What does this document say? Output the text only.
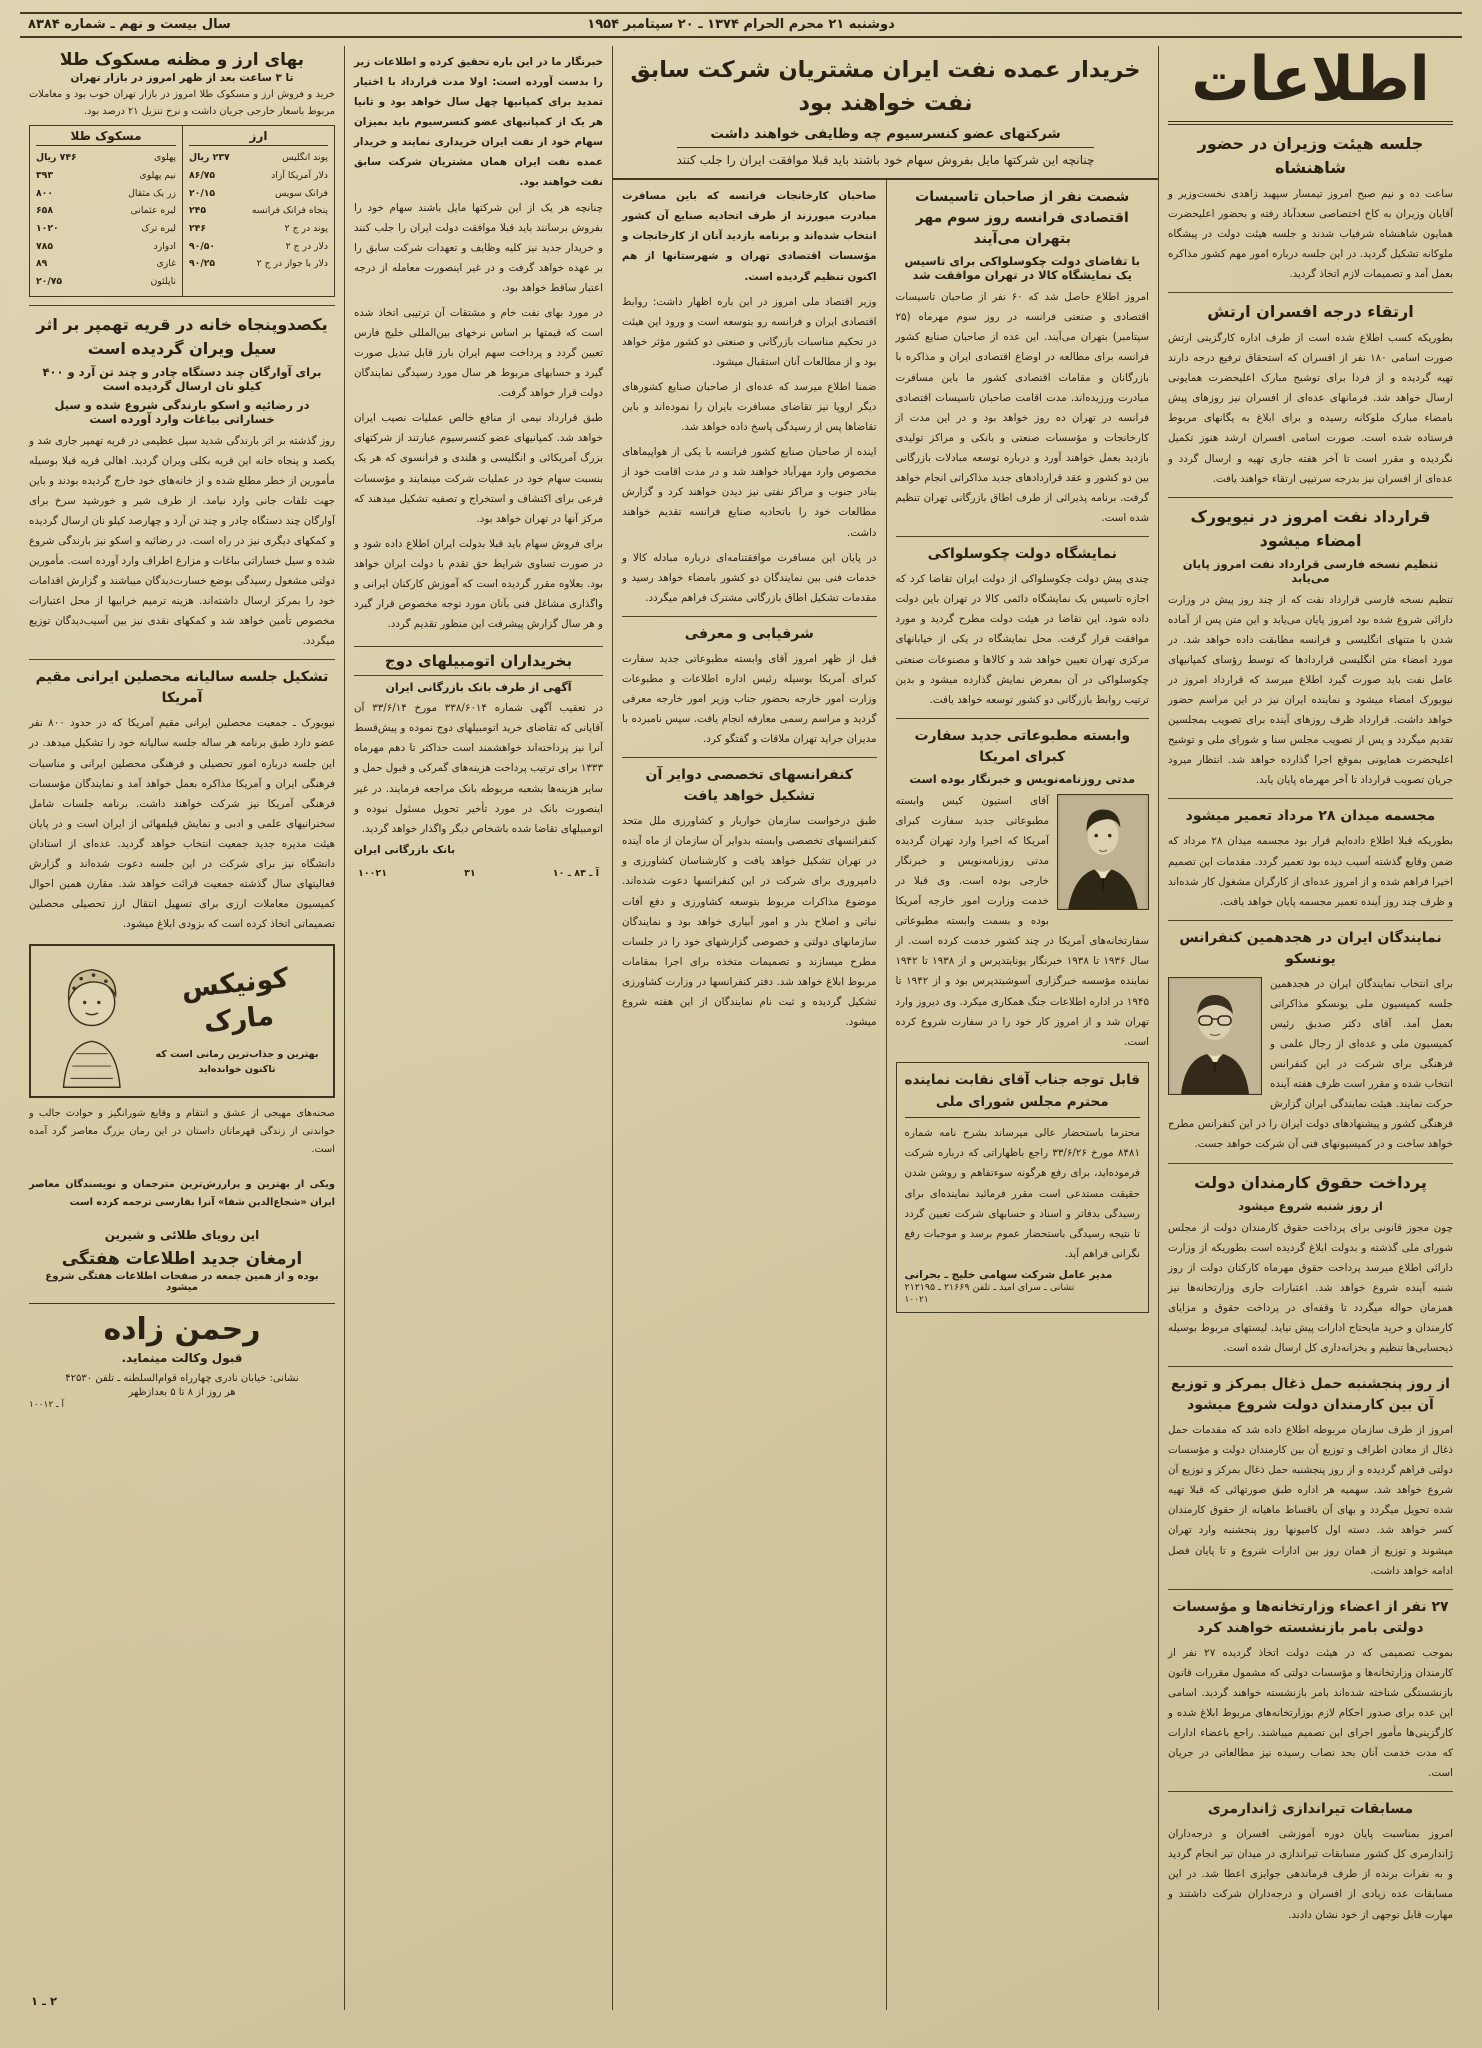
دوشنبه ۲۱ محرم الحرام ۱۳۷۴ ـ ۲۰ سپتامبر ۱۹۵۴
سال بیست و نهم ـ شماره ۸۳۸۴
اطلاعات
جلسه هیئت وزیران در حضور شاهنشاه

ساعت ده و نیم صبح امروز تیمسار سپهبد زاهدی نخست‌وزیر و آقایان وزیران به کاخ اختصاصی سعدآباد رفته و بحضور اعلیحضرت همایون شاهنشاه شرفیاب شدند و جلسه هیئت دولت در پیشگاه ملوکانه تشکیل گردید. در این جلسه درباره امور مهم کشور مذاکره بعمل آمد و تصمیمات لازم اتخاذ گردید.

ارتقاء درجه افسران ارتش

بطوریکه کسب اطلاع شده است از طرف اداره کارگزینی ارتش صورت اسامی ۱۸۰ نفر از افسران که استحقاق ترفیع درجه دارند تهیه گردیده و از فردا برای توشیح مبارک اعلیحضرت همایونی ارسال خواهد شد. فرمانهای عده‌ای از افسران نیز روزهای پیش بامضاء مبارک ملوکانه رسیده و برای ابلاغ به یگانهای مربوط فرستاده شده است. صورت اسامی افسران ارشد هنوز تکمیل نگردیده و مقرر است تا آخر هفته جاری تهیه و ارسال گردد و عده‌ای از افسران نیز بدرجه سرتیپی ارتقاء خواهند یافت.

قرارداد نفت امروز در نیویورک امضاء میشود
تنظیم نسخه فارسی قرارداد نفت امروز پایان می‌یابد

تنظیم نسخه فارسی قرارداد نفت که از چند روز پیش در وزارت دارائی شروع شده بود امروز پایان می‌یابد و این متن پس از آماده شدن با متنهای انگلیسی و فرانسه مطابقت داده خواهد شد. در مورد امضاء متن انگلیسی قراردادها که توسط رؤسای کمپانیهای عامل نفت باید صورت گیرد اطلاع میرسد که قرارداد امروز در نیویورک امضاء میشود و نماینده ایران نیز در این مراسم حضور خواهد داشت. قرارداد ظرف روزهای آینده برای تصویب بمجلسین تقدیم میگردد و پس از تصویب مجلس سنا و شورای ملی و توشیح اعلیحضرت همایونی بموقع اجرا گذارده خواهد شد. انتظار میرود جریان تصویب قرارداد تا آخر مهرماه پایان یابد.

مجسمه میدان ۲۸ مرداد تعمیر میشود

بطوریکه قبلا اطلاع داده‌ایم قرار بود مجسمه میدان ۲۸ مرداد که ضمن وقایع گذشته آسیب دیده بود تعمیر گردد. مقدمات این تصمیم اخیرا فراهم شده و از امروز عده‌ای از کارگران مشغول کار شده‌اند و ظرف چند روز آینده تعمیر مجسمه پایان خواهد یافت.

نمایندگان ایران در هجدهمین کنفرانس یونسکو

برای انتخاب نمایندگان ایران در هجدهمین جلسه کمیسیون ملی یونسکو مذاکراتی بعمل آمد. آقای دکتر صدیق رئیس کمیسیون ملی و عده‌ای از رجال علمی و فرهنگی برای شرکت در این کنفرانس انتخاب شده و مقرر است ظرف هفته آینده حرکت نمایند. هیئت نمایندگی ایران گزارش فرهنگی کشور و پیشنهادهای دولت ایران را در این کنفرانس مطرح خواهد ساخت و در کمیسیونهای فنی آن شرکت خواهد جست.

پرداخت حقوق کارمندان دولت
از روز شنبه شروع میشود

چون مجوز قانونی برای پرداخت حقوق کارمندان دولت از مجلس شورای ملی گذشته و بدولت ابلاغ گردیده است بطوریکه از وزارت دارائی اطلاع میرسد پرداخت حقوق مهرماه کارکنان دولت از روز شنبه آینده شروع خواهد شد. اعتبارات جاری وزارتخانه‌ها نیز همزمان حواله میگردد تا وقفه‌ای در پرداخت حقوق و مزایای کارمندان و خرید مایحتاج ادارات پیش نیاید. لیستهای مربوط بوسیله ذیحسابی‌ها تنظیم و بخزانه‌داری کل ارسال شده است.

از روز پنجشنبه حمل ذغال بمرکز و توزیع آن بین کارمندان دولت شروع میشود

امروز از طرف سازمان مربوطه اطلاع داده شد که مقدمات حمل ذغال از معادن اطراف و توزیع آن بین کارمندان دولت و مؤسسات دولتی فراهم گردیده و از روز پنجشنبه حمل ذغال بمرکز و توزیع آن شروع خواهد شد. سهمیه هر اداره طبق صورتهائی که قبلا تهیه شده تحویل میگردد و بهای آن باقساط ماهیانه از حقوق کارمندان کسر خواهد شد. دسته اول کامیونها روز پنجشنبه وارد تهران میشوند و توزیع از همان روز بین ادارات شروع و تا پایان فصل ادامه خواهد داشت.

۲۷ نفر از اعضاء وزارتخانه‌ها و مؤسسات دولتی بامر بازنشسته خواهند کرد

بموجب تصمیمی که در هیئت دولت اتخاذ گردیده ۲۷ نفر از کارمندان وزارتخانه‌ها و مؤسسات دولتی که مشمول مقررات قانون بازنشستگی شناخته شده‌اند بامر بازنشسته خواهند گردید. اسامی این عده برای صدور احکام لازم بوزارتخانه‌های مربوط ابلاغ شده و کارگزینی‌ها مأمور اجرای این تصمیم میباشند. راجع باعضاء ادارات که مدت خدمت آنان بحد نصاب رسیده نیز مطالعاتی در جریان است.

مسابقات تیراندازی ژاندارمری

امروز بمناسبت پایان دوره آموزشی افسران و درجه‌داران ژاندارمری کل کشور مسابقات تیراندازی در میدان تیر انجام گردید و به نفرات برنده از طرف فرماندهی جوایزی اعطا شد. در این مسابقات عده زیادی از افسران و درجه‌داران شرکت داشتند و مهارت قابل توجهی از خود نشان دادند.

خریدار عمده نفت ایران مشتریان شرکت سابق نفت خواهند بود
شرکتهای عضو کنسرسیوم چه وظایفی خواهند داشت
چنانچه این شرکتها مایل بفروش سهام خود باشند باید قبلا موافقت ایران را جلب کنند
شصت نفر از صاحبان تاسیسات اقتصادی فرانسه روز سوم مهر بتهران می‌آیند
با تقاضای دولت چکوسلواکی برای تاسیس یک نمایشگاه کالا در تهران موافقت شد

امروز اطلاع حاصل شد که ۶۰ نفر از صاحبان تاسیسات اقتصادی و صنعتی فرانسه در روز سوم مهرماه (۲۵ سپتامبر) بتهران می‌آیند. این عده از صاحبان صنایع کشور فرانسه برای مطالعه در اوضاع اقتصادی ایران و مذاکره با بازرگانان و مقامات اقتصادی کشور ما باین مسافرت مبادرت ورزیده‌اند. مدت اقامت صاحبان تاسیسات اقتصادی فرانسه در تهران ده روز خواهد بود و در این مدت از کارخانجات و مؤسسات صنعتی و بانکی و مراکز تولیدی بازدید بعمل خواهند آورد و درباره توسعه مبادلات بازرگانی بین دو کشور و عقد قراردادهای جدید مذاکراتی انجام خواهد گرفت. برنامه پذیرائی از طرف اطاق بازرگانی تهران تنظیم شده است.

نمایشگاه دولت چکوسلواکی

چندی پیش دولت چکوسلواکی از دولت ایران تقاضا کرد که اجازه تاسیس یک نمایشگاه دائمی کالا در تهران باین دولت داده شود. این تقاضا در هیئت دولت مطرح گردید و مورد موافقت قرار گرفت. محل نمایشگاه در یکی از خیابانهای مرکزی تهران تعیین خواهد شد و کالاها و مصنوعات صنعتی چکوسلواکی در آن بمعرض نمایش گذارده میشود و بدین ترتیب روابط بازرگانی دو کشور توسعه خواهد یافت.

وابسته مطبوعاتی جدید سفارت کبرای امریکا
مدتی روزنامه‌نویس و خبرنگار بوده است

آقای استیون کیس وابسته مطبوعاتی جدید سفارت کبرای آمریکا که اخیرا وارد تهران گردیده مدتی روزنامه‌نویس و خبرنگار خارجی بوده است. وی قبلا در خدمت وزارت امور خارجه آمریکا بوده و بسمت وابسته مطبوعاتی سفارتخانه‌های آمریکا در چند کشور خدمت کرده است. از سال ۱۹۳۶ تا ۱۹۳۸ خبرنگار یونایتدپرس و از ۱۹۳۸ تا ۱۹۴۲ نماینده مؤسسه خبرگزاری آسوشیتدپرس بود و از ۱۹۴۲ تا ۱۹۴۵ در اداره اطلاعات جنگ همکاری میکرد. وی دیروز وارد تهران شد و از امروز کار خود را در سفارت شروع کرده است.

قابل توجه جناب آقای نقابت نماینده محترم مجلس شورای ملی

محترما باستحضار عالی میرساند بشرح نامه شماره ۸۴۸۱ مورخ ۳۳/۶/۲۶ راجع باظهاراتی که درباره شرکت فرموده‌اید، برای رفع هرگونه سوءتفاهم و روشن شدن حقیقت مستدعی است مقرر فرمائید نماینده‌ای برای رسیدگی بدفاتر و اسناد و حسابهای شرکت تعیین گردد تا نتیجه رسیدگی باستحضار عموم برسد و موجبات رفع نگرانی فراهم آید.

مدیر عامل شرکت سهامی خلیج ـ بحرانی
نشانی ـ سرای امید ـ تلفن ۲۱۶۶۹ ـ ۲۱۲۱۹۵
۱۰۰۲۱

صاحبان کارخانجات فرانسه که باین مسافرت مبادرت میورزند از طرف اتحادیه صنایع آن کشور انتخاب شده‌اند و برنامه بازدید آنان از کارخانجات و مؤسسات اقتصادی تهران و شهرستانها از هم اکنون تنظیم گردیده است.

وزیر اقتصاد ملی امروز در این باره اظهار داشت: روابط اقتصادی ایران و فرانسه رو بتوسعه است و ورود این هیئت در تحکیم مناسبات بازرگانی و صنعتی دو کشور مؤثر خواهد بود و از مطالعات آنان استقبال میشود.

ضمنا اطلاع میرسد که عده‌ای از صاحبان صنایع کشورهای دیگر اروپا نیز تقاضای مسافرت بایران را نموده‌اند و باین تقاضاها پس از رسیدگی پاسخ داده خواهد شد.

اینده از صاحبان صنایع کشور فرانسه با یکی از هواپیماهای مخصوص وارد مهرآباد خواهند شد و در مدت اقامت خود از بنادر جنوب و مراکز نفتی نیز دیدن خواهند کرد و گزارش مطالعات خود را باتحادیه صنایع فرانسه تقدیم خواهند داشت.

در پایان این مسافرت موافقتنامه‌ای درباره مبادله کالا و خدمات فنی بین نمایندگان دو کشور بامضاء خواهد رسید و مقدمات تشکیل اطاق بازرگانی مشترک فراهم میگردد.

شرفیابی و معرفی

قبل از ظهر امروز آقای وابسته مطبوعاتی جدید سفارت کبرای آمریکا بوسیله رئیس اداره اطلاعات و مطبوعات وزارت امور خارجه بحضور جناب وزیر امور خارجه معرفی گردید و مراسم رسمی معارفه انجام یافت. سپس نامبرده با مدیران جراید تهران ملاقات و گفتگو کرد.

کنفرانسهای تخصصی دوایر آن تشکیل خواهد یافت

طبق درخواست سازمان خواربار و کشاورزی ملل متحد کنفرانسهای تخصصی وابسته بدوایر آن سازمان از ماه آینده در تهران تشکیل خواهد یافت و کارشناسان کشاورزی و دامپروری برای شرکت در این کنفرانسها دعوت شده‌اند. موضوع مذاکرات مربوط بتوسعه کشاورزی و دفع آفات نباتی و اصلاح بذر و امور آبیاری خواهد بود و نمایندگان سازمانهای دولتی و خصوصی گزارشهای خود را در جلسات مطرح میسازند و تصمیمات متخذه برای اجرا بمقامات مربوط ابلاغ خواهد شد. دفتر کنفرانسها در وزارت کشاورزی تشکیل گردیده و ثبت نام نمایندگان از این هفته شروع میشود.

خبرنگار ما در این باره تحقیق کرده و اطلاعات زیر را بدست آورده است: اولا مدت قرارداد با اختیار تمدید برای کمپانیها چهل سال خواهد بود و ثانیا هر یک از کمپانیهای عضو کنسرسیوم باید بمیزان سهام خود از نفت ایران خریداری نمایند و خریدار عمده نفت ایران همان مشتریان شرکت سابق نفت خواهند بود.

چنانچه هر یک از این شرکتها مایل باشند سهام خود را بفروش برسانند باید قبلا موافقت دولت ایران را جلب کنند و خریدار جدید نیز کلیه وظایف و تعهدات شرکت سابق را بر عهده خواهد گرفت و در غیر اینصورت معامله از درجه اعتبار ساقط خواهد بود.

در مورد بهای نفت خام و مشتقات آن ترتیبی اتخاذ شده است که قیمتها بر اساس نرخهای بین‌المللی خلیج فارس تعیین گردد و پرداخت سهم ایران بارز قابل تبدیل صورت گیرد و حسابهای مربوط هر سال مورد رسیدگی نمایندگان دولت قرار خواهد گرفت.

طبق قرارداد نیمی از منافع خالص عملیات نصیب ایران خواهد شد. کمپانیهای عضو کنسرسیوم عبارتند از شرکتهای بزرگ آمریکائی و انگلیسی و هلندی و فرانسوی که هر یک بنسبت سهام خود در عملیات شرکت مینمایند و مؤسسات فرعی برای اکتشاف و استخراج و تصفیه تشکیل میدهند که مرکز آنها در تهران خواهد بود.

برای فروش سهام باید قبلا بدولت ایران اطلاع داده شود و در صورت تساوی شرایط حق تقدم با دولت ایران خواهد بود. بعلاوه مقرر گردیده است که آموزش کارکنان ایرانی و واگذاری مشاغل فنی بآنان مورد توجه مخصوص قرار گیرد و هر سال گزارش پیشرفت این منظور تقدیم گردد.

بخریداران اتومبیلهای دوج
آگهی از طرف بانک بازرگانی ایران

در تعقیب آگهی شماره ۳۳۸/۶۰۱۴ مورخ ۳۳/۶/۱۴ آن آقایانی که تقاضای خرید اتومبیلهای دوج نموده و پیش‌قسط آنرا نیز پرداخته‌اند خواهشمند است حداکثر تا دهم مهرماه ۱۳۳۳ برای ترتیب پرداخت هزینه‌های گمرکی و قبول حمل و سایر هزینه‌ها بشعبه مربوطه بانک مراجعه فرمایند. در غیر اینصورت بانک در مورد تأخیر تحویل مسئول نبوده و اتومبیلهای تقاضا شده باشخاص دیگر واگذار خواهد گردید.

بانک بازرگانی ایران
آ ـ ۸۳ ـ ۱۰
۳۱
۱۰۰۲۱
بهای ارز و مظنه مسکوک طلا
تا ۳ ساعت بعد از ظهر امروز در بازار تهران

خرید و فروش ارز و مسکوک طلا امروز در بازار تهران خوب بود و معاملات مربوط باسعار خارجی جریان داشت و نرخ تنزیل ۲۱ درصد بود.

ارز
پوند انگلیس
۲۳۷ ریال
دلار آمریکا آزاد
۸۶/۷۵
فرانک سویس
۲۰/۱۵
پنجاه فرانک فرانسه
۲۴۵
پوند در ج ۲
۲۴۶
دلار در ج ۲
۹۰/۵۰
دلار با جواز در ج ۲
۹۰/۲۵
مسکوک طلا
پهلوی
۷۴۶ ریال
نیم پهلوی
۳۹۳
زر یک مثقال
۸۰۰
لیره عثمانی
۶۵۸
لیره ترک
۱۰۲۰
ادوارد
۷۸۵
غازی
۸۹
ناپلئون
۲۰/۷۵
یکصدوپنجاه خانه در قریه تهمپر بر اثر سیل ویران گردیده است
برای آوارگان چند دستگاه چادر و چند تن آرد و ۴۰۰ کیلو نان ارسال گردیده است
در رضائیه و اسکو بارندگی شروع شده و سیل خساراتی بباغات وارد آورده است

روز گذشته بر اثر بارندگی شدید سیل عظیمی در قریه تهمپر جاری شد و یکصد و پنجاه خانه این قریه بکلی ویران گردید. اهالی قریه قبلا بوسیله مأمورین از خطر مطلع شده و از خانه‌های خود خارج گردیده بودند و باین جهت تلفات جانی وارد نیامد. از طرف شیر و خورشید سرخ برای آوارگان چند دستگاه چادر و چند تن آرد و چهارصد کیلو نان ارسال گردیده و کمکهای دیگری نیز در راه است. در رضائیه و اسکو نیز بارندگی شروع شده و سیل خساراتی بباغات و مزارع اطراف وارد آورده است. مأمورین دولتی مشغول رسیدگی بوضع خسارت‌دیدگان میباشند و گزارش اقدامات خود را بمرکز ارسال داشته‌اند. هزینه ترمیم خرابیها از محل اعتبارات مخصوص تأمین خواهد شد و کمکهای نقدی نیز بین آسیب‌دیدگان توزیع میگردد.

تشکیل جلسه سالیانه محصلین ایرانی مقیم آمریکا

نیویورک ـ جمعیت محصلین ایرانی مقیم آمریکا که در حدود ۸۰۰ نفر عضو دارد طبق برنامه هر ساله جلسه سالیانه خود را تشکیل میدهد. در این جلسه درباره امور تحصیلی و فرهنگی محصلین ایرانی و مناسبات فرهنگی ایران و آمریکا مذاکره بعمل خواهد آمد و نمایندگان مؤسسات فرهنگی آمریکا نیز شرکت خواهند داشت. برنامه جلسات شامل سخنرانیهای علمی و ادبی و نمایش فیلمهائی از ایران است و در پایان هیئت مدیره جدید جمعیت انتخاب خواهد گردید. عده‌ای از استادان دانشگاه نیز برای شرکت در این جلسه دعوت شده‌اند و گزارش فعالیتهای سال گذشته جمعیت قرائت خواهد شد. مقارن همین احوال کمیسیون معاملات ارزی برای تسهیل انتقال ارز تحصیلی محصلین تصمیماتی اتخاذ کرده است که بزودی ابلاغ میشود.

کونیکس مارک
بهترین و جذاب‌ترین رمانی است که تاکنون خوانده‌اید

صحنه‌های مهیجی از عشق و انتقام و وقایع شورانگیز و حوادث جالب و خواندنی از زندگی قهرمانان داستان در این رمان بزرگ معاصر گرد آمده است.

ویکی از بهترین و پرارزش‌ترین مترجمان و نویسندگان معاصر ایران «شجاع‌الدین شفا» آنرا بفارسی ترجمه کرده است

این رویای طلائی و شیرین
ارمغان جدید اطلاعات هفتگی
بوده و از همین جمعه در صفحات اطلاعات هفتگی شروع میشود
رحمن زاده
قبول وکالت مینماید.
نشانی: خیابان نادری چهارراه قوام‌السلطنه ـ تلفن ۴۲۵۳۰
هر روز از ۸ تا ۵ بعدازظهر
آ ـ ۱۰۰۱۲
۲ ـ ۱
